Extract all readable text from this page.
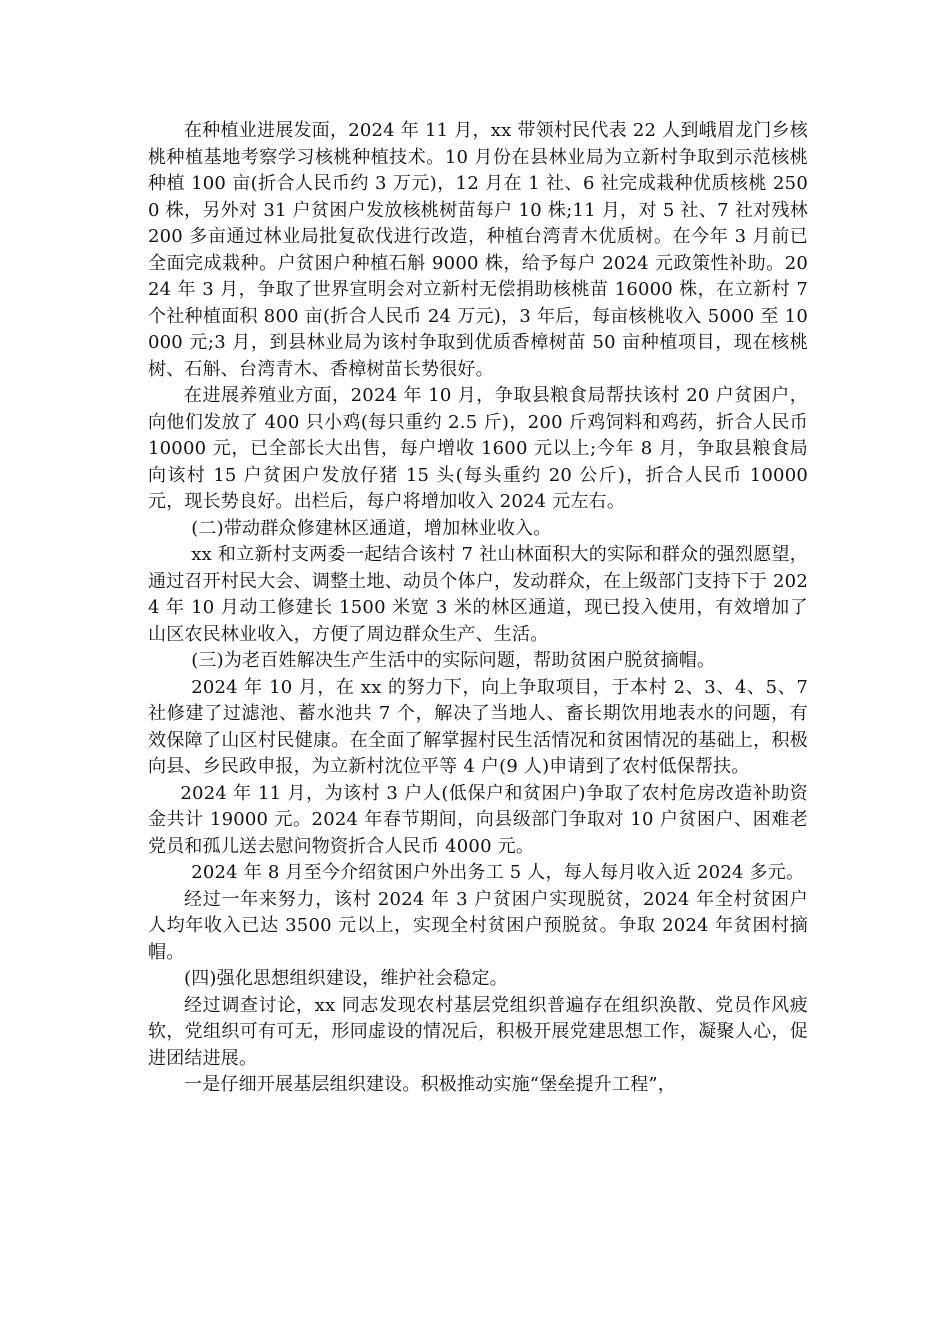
在种植业进展发面，2024 年 11 月，xx 带领村民代表 22 人到峨眉龙门乡核桃种植基地考察学习核桃种植技术。10 月份在县林业局为立新村争取到示范核桃种植 100 亩(折合人民币约 3 万元)，12 月在 1 社、6 社完成栽种优质核桃 2500 株，另外对 31 户贫困户发放核桃树苗每户 10 株;11 月，对 5 社、7 社对残林 200 多亩通过林业局批复砍伐进行改造，种植台湾青木优质树。在今年 3 月前已全面完成栽种。户贫困户种植石斛 9000 株，给予每户 2024 元政策性补助。2024 年 3 月，争取了世界宣明会对立新村无偿捐助核桃苗 16000 株，在立新村 7 个社种植面积 800 亩(折合人民币 24 万元)，3 年后，每亩核桃收入 5000 至 10000 元;3 月，到县林业局为该村争取到优质香樟树苗 50 亩种植项目，现在核桃树、石斛、台湾青木、香樟树苗长势很好。

在进展养殖业方面，2024 年 10 月，争取县粮食局帮扶该村 20 户贫困户，向他们发放了 400 只小鸡(每只重约 2.5 斤)，200 斤鸡饲料和鸡药，折合人民币 10000 元，已全部长大出售，每户增收 1600 元以上;今年 8 月，争取县粮食局向该村 15 户贫困户发放仔猪 15 头(每头重约 20 公斤)，折合人民币 10000 元，现长势良好。出栏后，每户将增加收入 2024 元左右。

(二)带动群众修建林区通道，增加林业收入。

xx 和立新村支两委一起结合该村 7 社山林面积大的实际和群众的强烈愿望，通过召开村民大会、调整土地、动员个体户，发动群众，在上级部门支持下于 2024 年 10 月动工修建长 1500 米宽 3 米的林区通道，现已投入使用，有效增加了山区农民林业收入，方便了周边群众生产、生活。

(三)为老百姓解决生产生活中的实际问题，帮助贫困户脱贫摘帽。

2024 年 10 月，在 xx 的努力下，向上争取项目，于本村 2、3、4、5、7 社修建了过滤池、蓄水池共 7 个，解决了当地人、畜长期饮用地表水的问题，有效保障了山区村民健康。在全面了解掌握村民生活情况和贫困情况的基础上，积极向县、乡民政申报，为立新村沈位平等 4 户(9 人)申请到了农村低保帮扶。

2024 年 11 月，为该村 3 户人(低保户和贫困户)争取了农村危房改造补助资金共计 19000 元。2024 年春节期间，向县级部门争取对 10 户贫困户、困难老党员和孤儿送去慰问物资折合人民币 4000 元。

2024 年 8 月至今介绍贫困户外出务工 5 人，每人每月收入近 2024 多元。

经过一年来努力，该村 2024 年 3 户贫困户实现脱贫，2024 年全村贫困户人均年收入已达 3500 元以上，实现全村贫困户预脱贫。争取 2024 年贫困村摘帽。

(四)强化思想组织建设，维护社会稳定。

经过调查讨论，xx 同志发现农村基层党组织普遍存在组织涣散、党员作风疲软，党组织可有可无，形同虚设的情况后，积极开展党建思想工作，凝聚人心，促进团结进展。

一是仔细开展基层组织建设。积极推动实施“堡垒提升工程”，
